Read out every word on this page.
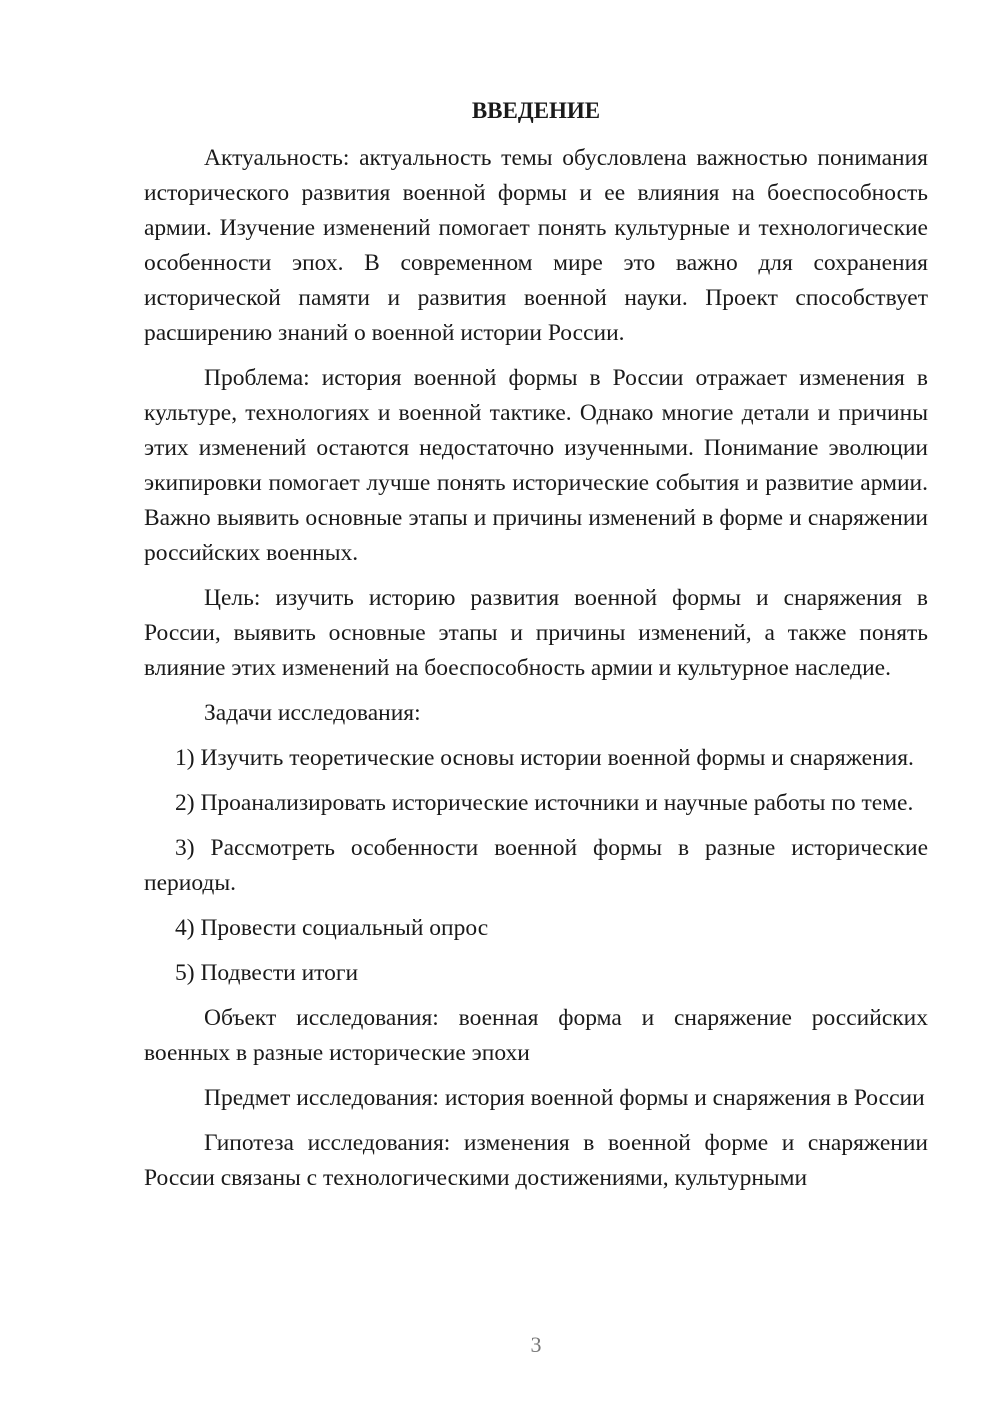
ВВЕДЕНИЕ

Актуальность: актуальность темы обусловлена важностью понимания исторического развития военной формы и ее влияния на боеспособность армии. Изучение изменений помогает понять культурные и технологические особенности эпох. В современном мире это важно для сохранения исторической памяти и развития военной науки. Проект способствует расширению знаний о военной истории России.

Проблема: история военной формы в России отражает изменения в культуре, технологиях и военной тактике. Однако многие детали и причины этих изменений остаются недостаточно изученными. Понимание эволюции экипировки помогает лучше понять исторические события и развитие армии. Важно выявить основные этапы и причины изменений в форме и снаряжении российских военных.

Цель: изучить историю развития военной формы и снаряжения в России, выявить основные этапы и причины изменений, а также понять влияние этих изменений на боеспособность армии и культурное наследие.

Задачи исследования:

1) Изучить теоретические основы истории военной формы и снаряжения.

2) Проанализировать исторические источники и научные работы по теме.

3) Рассмотреть особенности военной формы в разные исторические периоды.

4) Провести социальный опрос

5) Подвести итоги

Объект исследования: военная форма и снаряжение российских военных в разные исторические эпохи

Предмет исследования: история военной формы и снаряжения в России

Гипотеза исследования: изменения в военной форме и снаряжении России связаны с технологическими достижениями, культурными

3
